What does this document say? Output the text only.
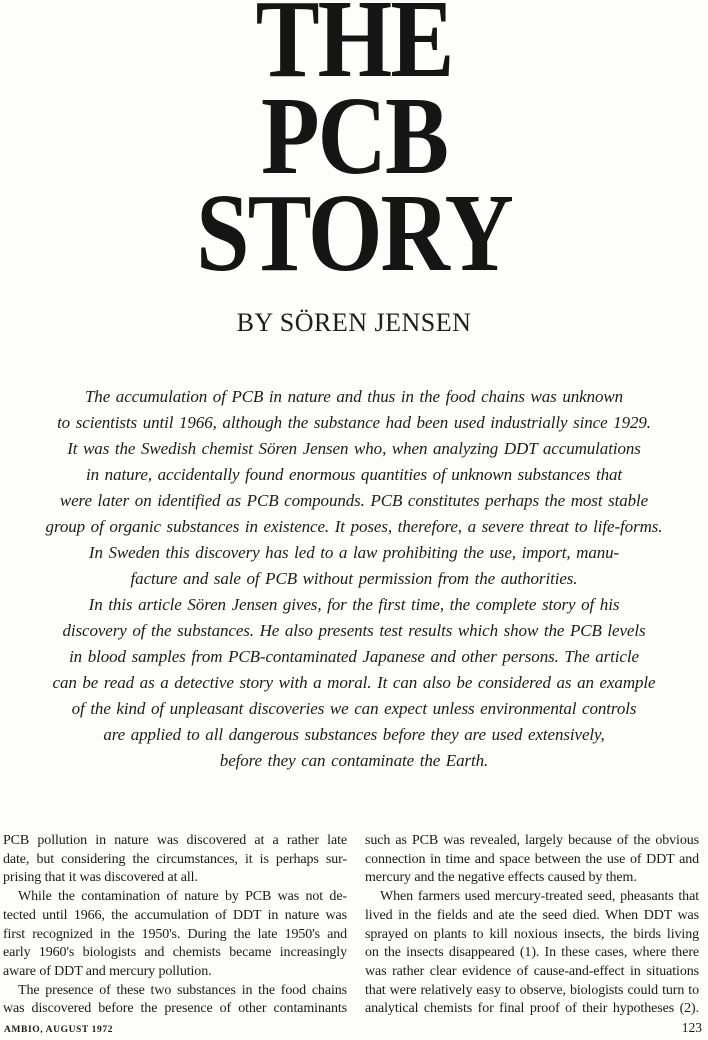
THE
PCB
STORY
BY SÖREN JENSEN
The accumulation of PCB in nature and thus in the food chains was unknown
to scientists until 1966, although the substance had been used industrially since 1929.
It was the Swedish chemist Sören Jensen who, when analyzing DDT accumulations
in nature, accidentally found enormous quantities of unknown substances that
were later on identified as PCB compounds. PCB constitutes perhaps the most stable
group of organic substances in existence. It poses, therefore, a severe threat to life-forms.
In Sweden this discovery has led to a law prohibiting the use, import, manu-
facture and sale of PCB without permission from the authorities.
In this article Sören Jensen gives, for the first time, the complete story of his
discovery of the substances. He also presents test results which show the PCB levels
in blood samples from PCB-contaminated Japanese and other persons. The article
can be read as a detective story with a moral. It can also be considered as an example
of the kind of unpleasant discoveries we can expect unless environmental controls
are applied to all dangerous substances before they are used extensively,
before they can contaminate the Earth.
PCB pollution in nature was discovered at a rather late
date, but considering the circumstances, it is perhaps sur-
prising that it was discovered at all.
While the contamination of nature by PCB was not de-
tected until 1966, the accumulation of DDT in nature was
first recognized in the 1950's. During the late 1950's and
early 1960's biologists and chemists became increasingly
aware of DDT and mercury pollution.
The presence of these two substances in the food chains
was discovered before the presence of other contaminants
such as PCB was revealed, largely because of the obvious
connection in time and space between the use of DDT and
mercury and the negative effects caused by them.
When farmers used mercury-treated seed, pheasants that
lived in the fields and ate the seed died. When DDT was
sprayed on plants to kill noxious insects, the birds living
on the insects disappeared (1). In these cases, where there
was rather clear evidence of cause-and-effect in situations
that were relatively easy to observe, biologists could turn to
analytical chemists for final proof of their hypotheses (2).
AMBIO, AUGUST 1972	123
